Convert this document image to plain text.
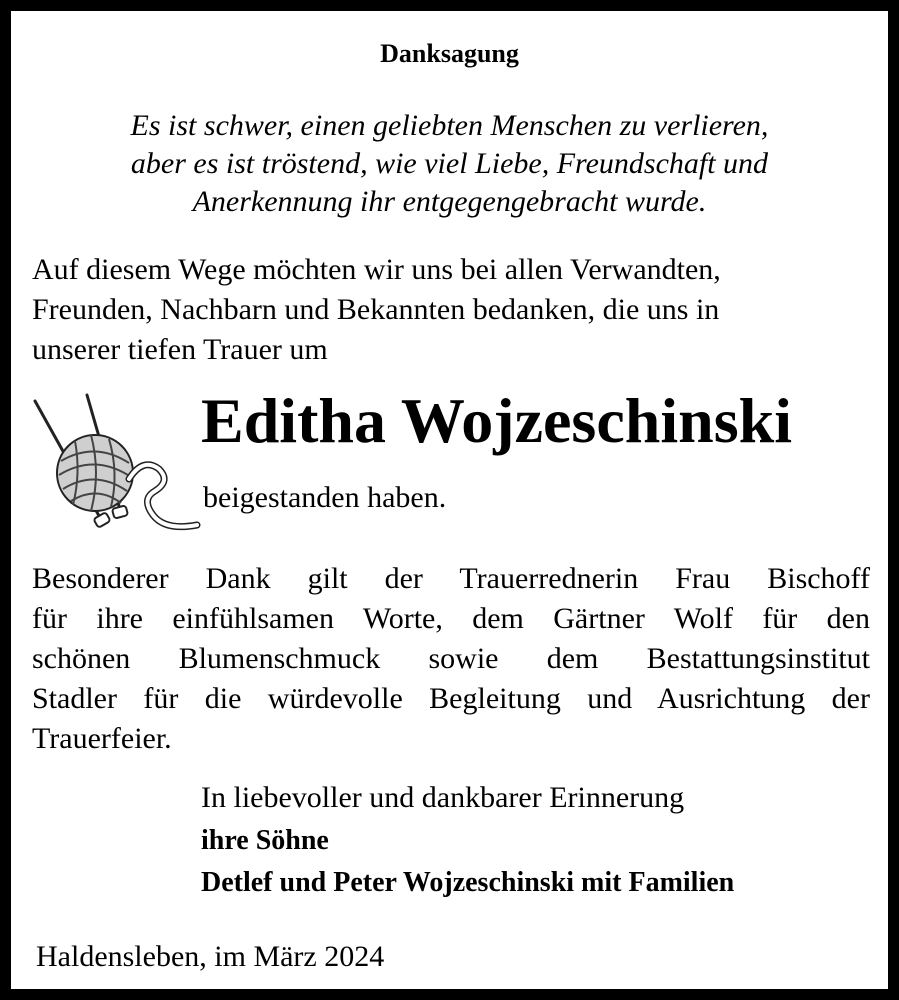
Danksagung
Es ist schwer, einen geliebten Menschen zu verlieren,
aber es ist tröstend, wie viel Liebe, Freundschaft und
Anerkennung ihr entgegengebracht wurde.
Auf diesem Wege möchten wir uns bei allen Verwandten,
Freunden, Nachbarn und Bekannten bedanken, die uns in
unserer tiefen Trauer um
Editha Wojzeschinski
beigestanden haben.
Besonderer Dank gilt der Trauerrednerin Frau Bischoff
für ihre einfühlsamen Worte, dem Gärtner Wolf für den
schönen Blumenschmuck sowie dem Bestattungsinstitut
Stadler für die würdevolle Begleitung und Ausrichtung der
Trauerfeier.
In liebevoller und dankbarer Erinnerung
ihre Söhne
Detlef und Peter Wojzeschinski mit Familien
Haldensleben, im März 2024
